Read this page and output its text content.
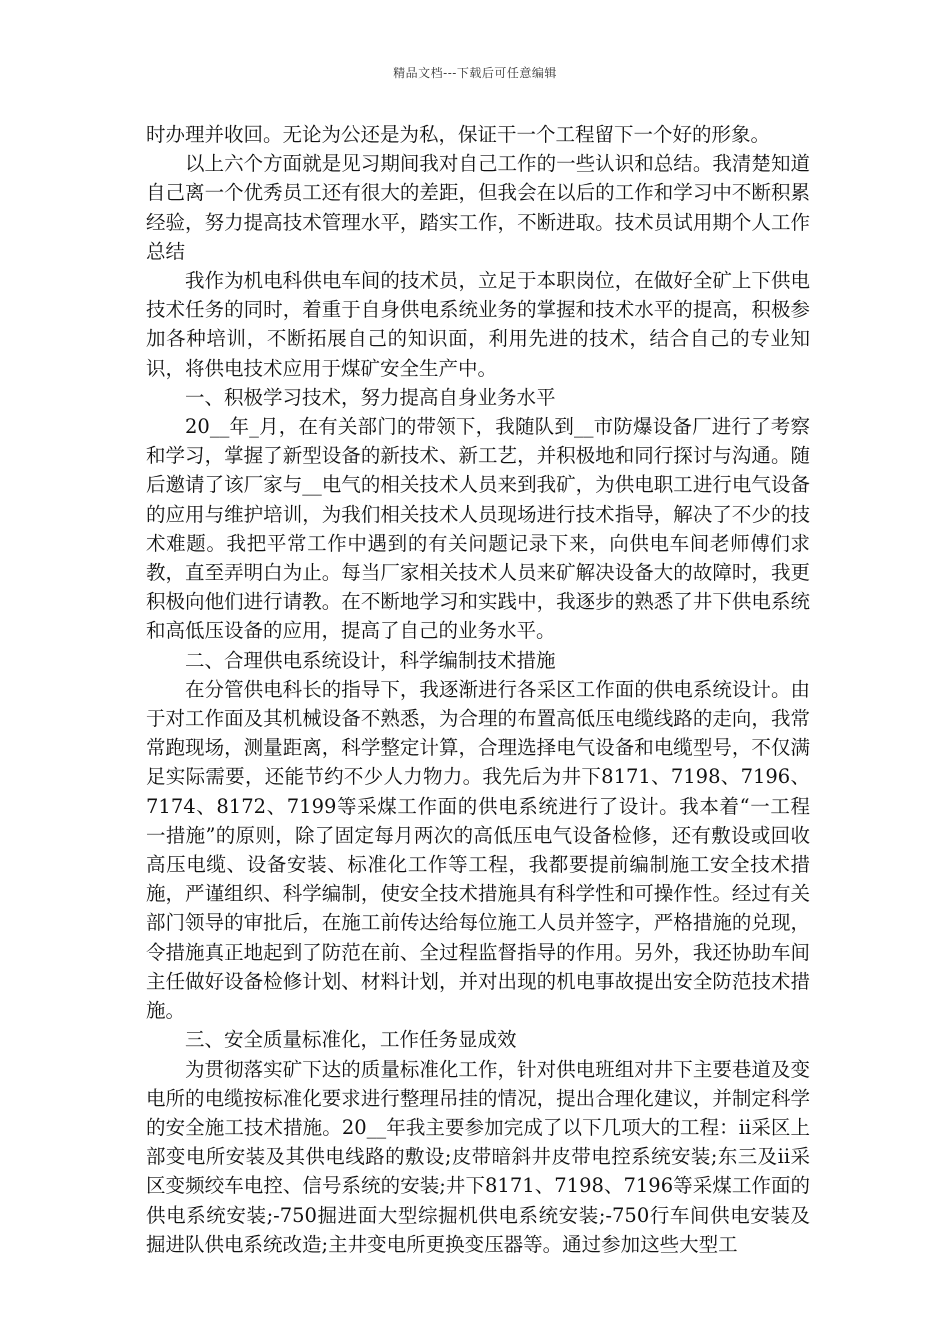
精品文档---下载后可任意编辑

时办理并收回。无论为公还是为私，保证干一个工程留下一个好的形象。

以上六个方面就是见习期间我对自己工作的一些认识和总结。我清楚知道自己离一个优秀员工还有很大的差距，但我会在以后的工作和学习中不断积累经验，努力提高技术管理水平，踏实工作，不断进取。技术员试用期个人工作总结

我作为机电科供电车间的技术员，立足于本职岗位，在做好全矿上下供电技术任务的同时，着重于自身供电系统业务的掌握和技术水平的提高，积极参加各种培训，不断拓展自己的知识面，利用先进的技术，结合自己的专业知识，将供电技术应用于煤矿安全生产中。

一、积极学习技术，努力提高自身业务水平

20__年_月，在有关部门的带领下，我随队到__市防爆设备厂进行了考察和学习，掌握了新型设备的新技术、新工艺，并积极地和同行探讨与沟通。随后邀请了该厂家与__电气的相关技术人员来到我矿，为供电职工进行电气设备的应用与维护培训，为我们相关技术人员现场进行技术指导，解决了不少的技术难题。我把平常工作中遇到的有关问题记录下来，向供电车间老师傅们求教，直至弄明白为止。每当厂家相关技术人员来矿解决设备大的故障时，我更积极向他们进行请教。在不断地学习和实践中，我逐步的熟悉了井下供电系统和高低压设备的应用，提高了自己的业务水平。

二、合理供电系统设计，科学编制技术措施

在分管供电科长的指导下，我逐渐进行各采区工作面的供电系统设计。由于对工作面及其机械设备不熟悉，为合理的布置高低压电缆线路的走向，我常常跑现场，测量距离，科学整定计算，合理选择电气设备和电缆型号，不仅满足实际需要，还能节约不少人力物力。我先后为井下8171、7198、7196、7174、8172、7199等采煤工作面的供电系统进行了设计。我本着“一工程一措施”的原则，除了固定每月两次的高低压电气设备检修，还有敷设或回收高压电缆、设备安装、标准化工作等工程，我都要提前编制施工安全技术措施，严谨组织、科学编制，使安全技术措施具有科学性和可操作性。经过有关部门领导的审批后，在施工前传达给每位施工人员并签字，严格措施的兑现，令措施真正地起到了防范在前、全过程监督指导的作用。另外，我还协助车间主任做好设备检修计划、材料计划，并对出现的机电事故提出安全防范技术措施。

三、安全质量标准化，工作任务显成效

为贯彻落实矿下达的质量标准化工作，针对供电班组对井下主要巷道及变电所的电缆按标准化要求进行整理吊挂的情况，提出合理化建议，并制定科学的安全施工技术措施。20__年我主要参加完成了以下几项大的工程：ii采区上部变电所安装及其供电线路的敷设;皮带暗斜井皮带电控系统安装;东三及ii采区变频绞车电控、信号系统的安装;井下8171、7198、7196等采煤工作面的供电系统安装;-750掘进面大型综掘机供电系统安装;-750行车间供电安装及掘进队供电系统改造;主井变电所更换变压器等。通过参加这些大型工
